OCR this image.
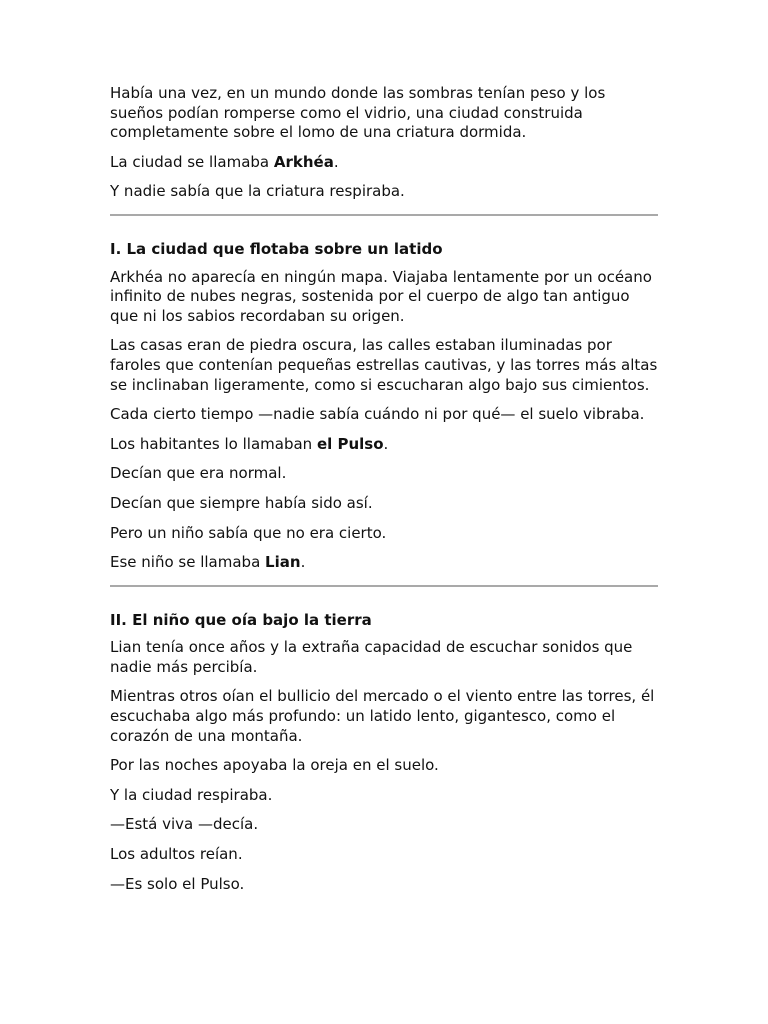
Había una vez, en un mundo donde las sombras tenían peso y los sueños podían romperse como el vidrio, una ciudad construida completamente sobre el lomo de una criatura dormida.

La ciudad se llamaba Arkhéa.

Y nadie sabía que la criatura respiraba.

I. La ciudad que flotaba sobre un latido

Arkhéa no aparecía en ningún mapa. Viajaba lentamente por un océano infinito de nubes negras, sostenida por el cuerpo de algo tan antiguo que ni los sabios recordaban su origen.

Las casas eran de piedra oscura, las calles estaban iluminadas por faroles que contenían pequeñas estrellas cautivas, y las torres más altas se inclinaban ligeramente, como si escucharan algo bajo sus cimientos.

Cada cierto tiempo —nadie sabía cuándo ni por qué— el suelo vibraba.

Los habitantes lo llamaban el Pulso.

Decían que era normal.

Decían que siempre había sido así.

Pero un niño sabía que no era cierto.

Ese niño se llamaba Lian.

II. El niño que oía bajo la tierra

Lian tenía once años y la extraña capacidad de escuchar sonidos que nadie más percibía.

Mientras otros oían el bullicio del mercado o el viento entre las torres, él escuchaba algo más profundo: un latido lento, gigantesco, como el corazón de una montaña.

Por las noches apoyaba la oreja en el suelo.

Y la ciudad respiraba.

—Está viva —decía.

Los adultos reían.

—Es solo el Pulso.
